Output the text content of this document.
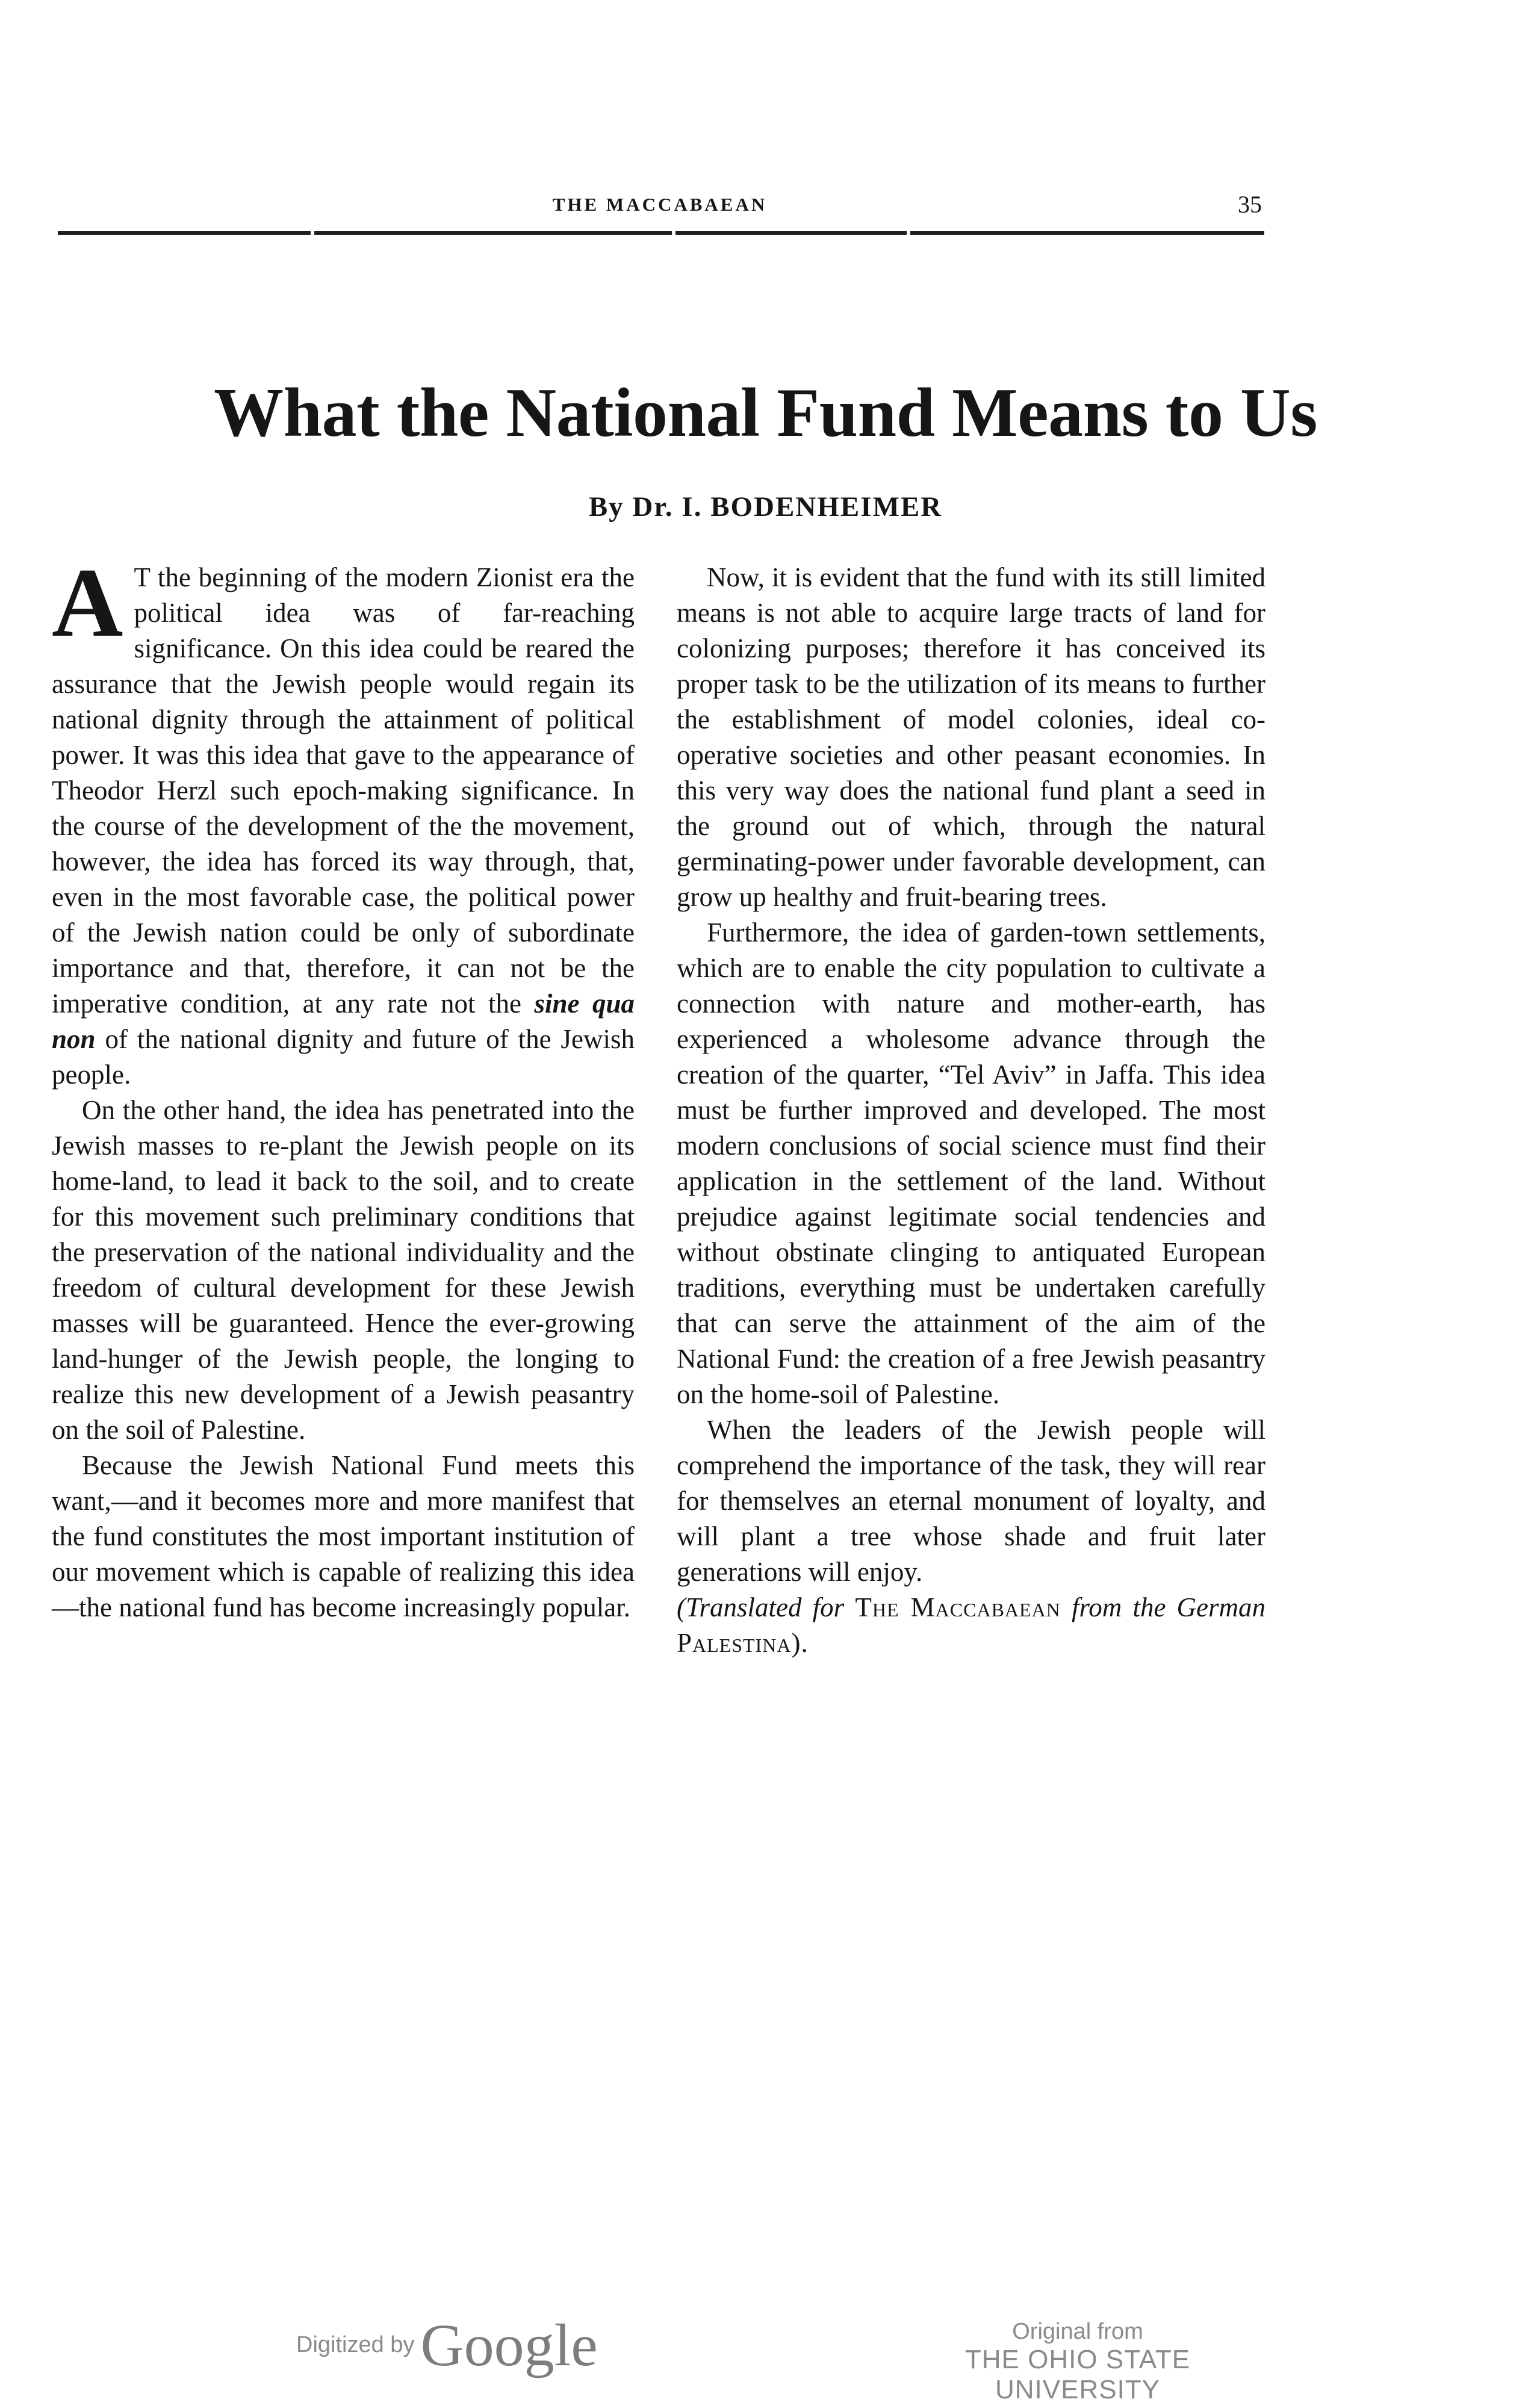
THE MACCABAEAN	35
What the National Fund Means to Us
By Dr. I. BODENHEIMER

A T the beginning of the modern Zionist era the political idea was of far-reaching significance. On this idea could be reared the assurance that the Jewish people would regain its national dignity through the attainment of political power. It was this idea that gave to the appearance of Theodor Herzl such epoch-making significance. In the course of the development of the the movement, however, the idea has forced its way through, that, even in the most favorable case, the political power of the Jewish nation could be only of subordinate importance and that, therefore, it can not be the imperative condition, at any rate not the sine qua non of the national dignity and future of the Jewish people.

On the other hand, the idea has penetrated into the Jewish masses to re-plant the Jewish people on its home-land, to lead it back to the soil, and to create for this movement such preliminary conditions that the preservation of the national individuality and the freedom of cultural development for these Jewish masses will be guaranteed. Hence the ever-growing land-hunger of the Jewish people, the longing to realize this new development of a Jewish peasantry on the soil of Palestine.

Because the Jewish National Fund meets this want,—and it becomes more and more manifest that the fund constitutes the most important institution of our movement which is capable of realizing this idea—the national fund has become increasingly popular.

Now, it is evident that the fund with its still limited means is not able to acquire large tracts of land for colonizing purposes; therefore it has conceived its proper task to be the utilization of its means to further the establishment of model colonies, ideal co-operative societies and other peasant economies. In this very way does the national fund plant a seed in the ground out of which, through the natural germinating-power under favorable development, can grow up healthy and fruit-bearing trees.

Furthermore, the idea of garden-town settlements, which are to enable the city population to cultivate a connection with nature and mother-earth, has experienced a wholesome advance through the creation of the quarter, “Tel Aviv” in Jaffa. This idea must be further improved and developed. The most modern conclusions of social science must find their application in the settlement of the land. Without prejudice against legitimate social tendencies and without obstinate clinging to antiquated European traditions, everything must be undertaken carefully that can serve the attainment of the aim of the National Fund: the creation of a free Jewish peasantry on the home-soil of Palestine.

When the leaders of the Jewish people will comprehend the importance of the task, they will rear for themselves an eternal monument of loyalty, and will plant a tree whose shade and fruit later generations will enjoy.

(Translated for The Maccabaean from the German Palestina).

Digitized by Google	Original from
THE OHIO STATE UNIVERSITY
